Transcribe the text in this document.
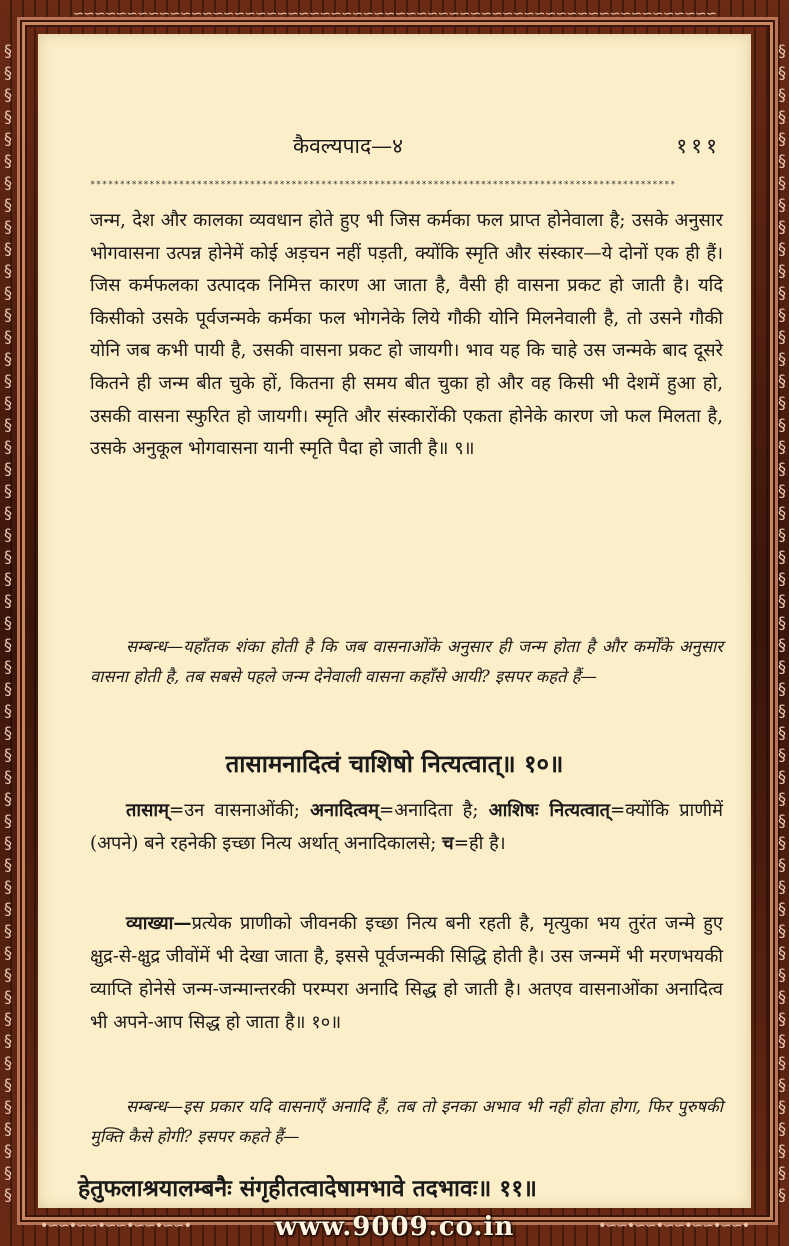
∽∽∽∽∽∽∽∽∽∽∽∽∽∽∽∽∽∽∽∽∽∽∽∽∽∽∽∽∽∽∽∽∽∽∽∽∽∽∽∽∽∽∽∽∽∽∽∽∽∽∽∽∽∽∽∽∽∽∽∽
§
§
§
§
§
§
§
§
§
§
§
§
§
§
§
§
§
§
§
§
§
§
§
§
§
§
§
§
§
§
§
§
§
§
§
§
§
§
§
§
§
§
§
§
§
§
§
§
§
§
§
§
§
§
§
§
§
§
§
§
§
§
§
§
§
§
§
§
§
§
§
§
§
§
§
§
§
§
§
§
§
§
§
§
§
§
§
§
§
§
§
§
§
§
§
§
§
§
§
§
§
§
§
§
§
§
कैवल्यपाद—४	१११
***************************************************************************************************
जन्म, देश और कालका व्यवधान होते हुए भी जिस कर्मका फल प्राप्त होनेवाला है; उसके अनुसार भोगवासना उत्पन्न होनेमें कोई अड़चन नहीं पड़ती, क्योंकि स्मृति और संस्कार—ये दोनों एक ही हैं। जिस कर्मफलका उत्पादक निमित्त कारण आ जाता है, वैसी ही वासना प्रकट हो जाती है। यदि किसीको उसके पूर्वजन्मके कर्मका फल भोगनेके लिये गौकी योनि मिलनेवाली है, तो उसने गौकी योनि जब कभी पायी है, उसकी वासना प्रकट हो जायगी। भाव यह कि चाहे उस जन्मके बाद दूसरे कितने ही जन्म बीत चुके हों, कितना ही समय बीत चुका हो और वह किसी भी देशमें हुआ हो, उसकी वासना स्फुरित हो जायगी। स्मृति और संस्कारोंकी एकता होनेके कारण जो फल मिलता है, उसके अनुकूल भोगवासना यानी स्मृति पैदा हो जाती है॥ ९॥
सम्बन्ध—यहाँतक शंका होती है कि जब वासनाओंके अनुसार ही जन्म होता है और कर्मोंके अनुसार वासना होती है, तब सबसे पहले जन्म देनेवाली वासना कहाँसे आयी? इसपर कहते हैं—
तासामनादित्वं चाशिषो नित्यत्वात्॥ १०॥
तासाम्=उन वासनाओंकी; अनादित्वम्=अनादिता है; आशिषः नित्यत्वात्=क्योंकि प्राणीमें (अपने) बने रहनेकी इच्छा नित्य अर्थात् अनादिकालसे; च=ही है।
व्याख्या—प्रत्येक प्राणीको जीवनकी इच्छा नित्य बनी रहती है, मृत्युका भय तुरंत जन्मे हुए क्षुद्र-से-क्षुद्र जीवोंमें भी देखा जाता है, इससे पूर्वजन्मकी सिद्धि होती है। उस जन्ममें भी मरणभयकी व्याप्ति होनेसे जन्म-जन्मान्तरकी परम्परा अनादि सिद्ध हो जाती है। अतएव वासनाओंका अनादित्व भी अपने-आप सिद्ध हो जाता है॥ १०॥
सम्बन्ध—इस प्रकार यदि वासनाएँ अनादि हैं, तब तो इनका अभाव भी नहीं होता होगा, फिर पुरुषकी मुक्ति कैसे होगी? इसपर कहते हैं—
हेतुफलाश्रयालम्बनैः संगृहीतत्वादेषामभावे तदभावः॥ ११॥
•∽∽•∽∽•∽∽•∽∽•∽∽•	•∽∽•∽∽•∽∽•∽∽•∽∽•
www.9009.co.in
